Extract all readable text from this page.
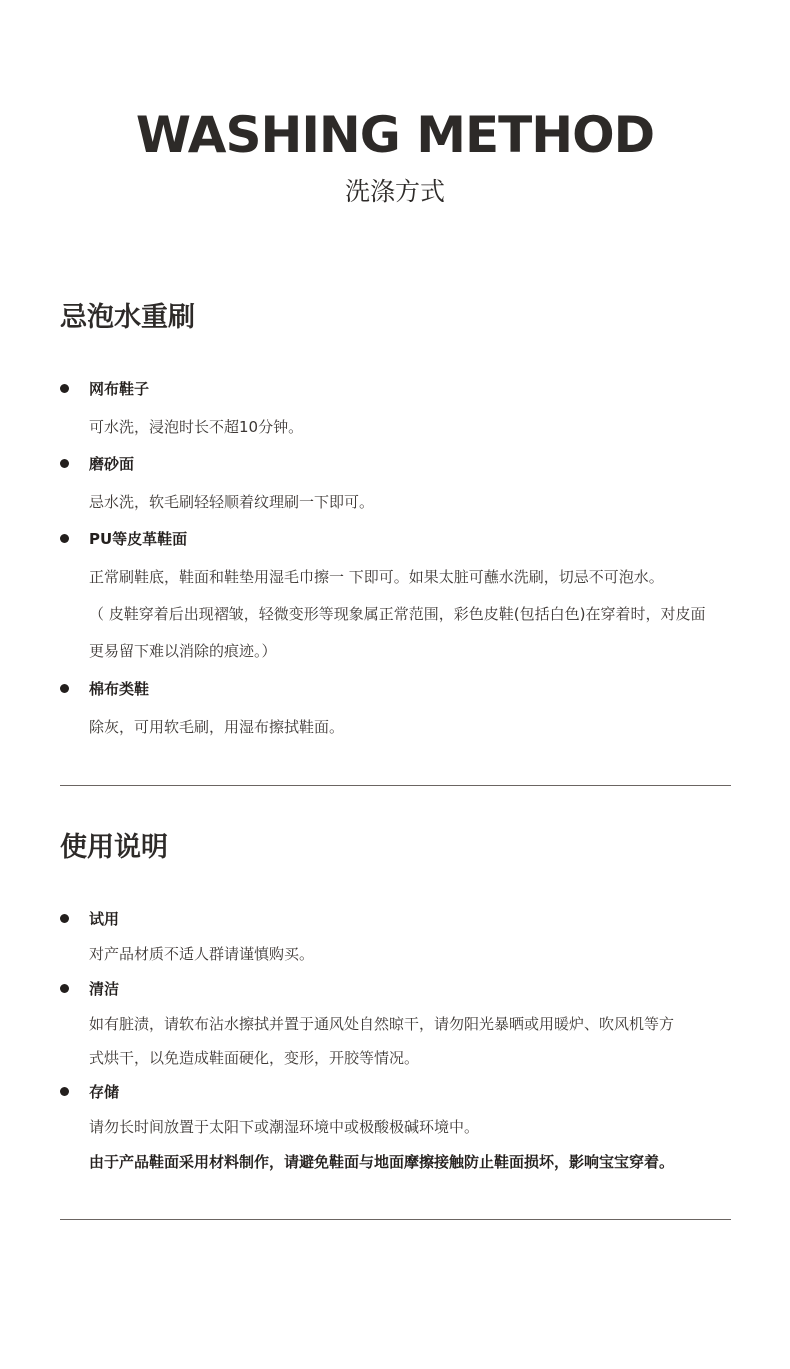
WASHING METHOD
洗涤方式
忌泡水重刷
网布鞋子
可水洗，浸泡时长不超10分钟。
磨砂面
忌水洗，软毛刷轻轻顺着纹理刷一下即可。
PU等皮革鞋面
正常刷鞋底，鞋面和鞋垫用湿毛巾擦一 下即可。如果太脏可蘸水洗刷，切忌不可泡水。
（ 皮鞋穿着后出现褶皱，轻微变形等现象属正常范围，彩色皮鞋(包括白色)在穿着时，对皮面
更易留下难以消除的痕迹。）
棉布类鞋
除灰，可用软毛刷，用湿布擦拭鞋面。
使用说明
试用
对产品材质不适人群请谨慎购买。
清洁
如有脏渍，请软布沾水擦拭并置于通风处自然晾干，请勿阳光暴晒或用暖炉、吹风机等方
式烘干，以免造成鞋面硬化，变形，开胶等情况。
存储
请勿长时间放置于太阳下或潮湿环境中或极酸极碱环境中。
由于产品鞋面采用材料制作，请避免鞋面与地面摩擦接触防止鞋面损坏，影响宝宝穿着。
